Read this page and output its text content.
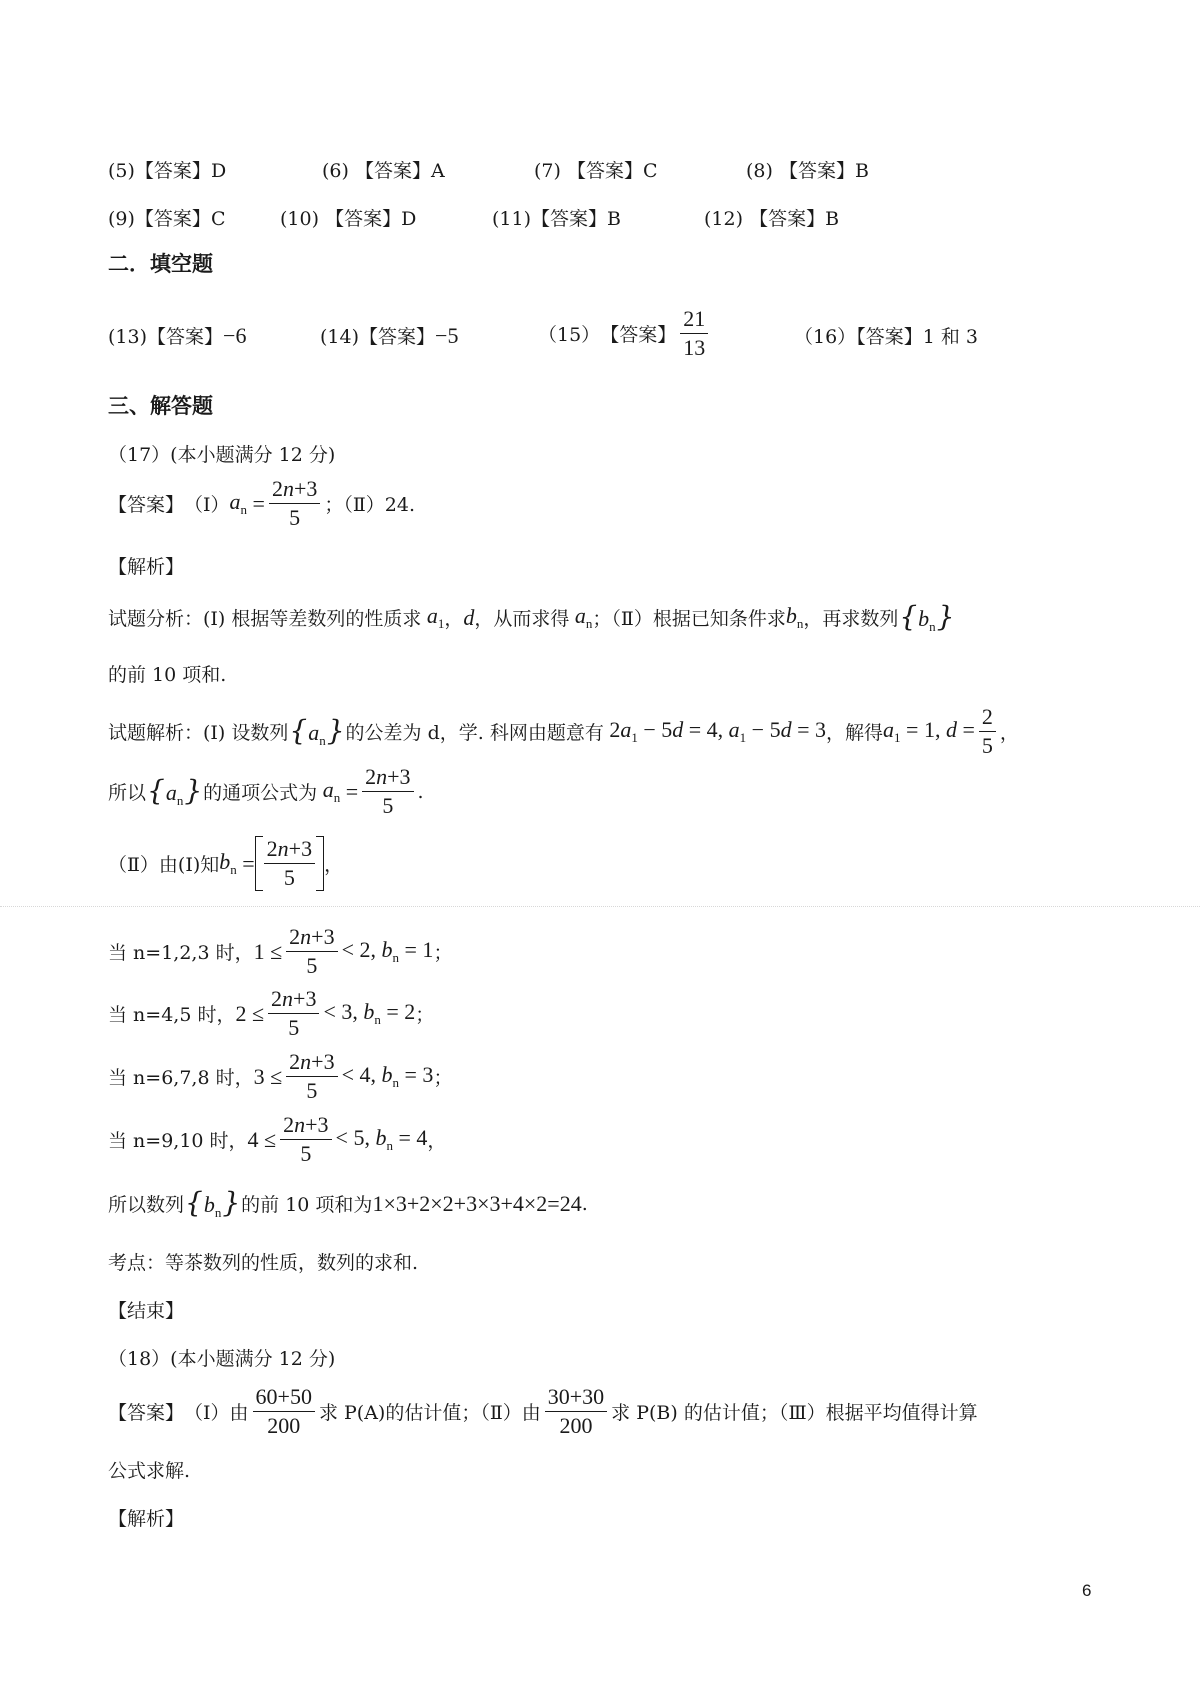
(5)【答案】D	(6) 【答案】A	(7) 【答案】C	(8) 【答案】B
(9)【答案】C	(10) 【答案】D	(11)【答案】B	(12) 【答案】B
二．填空题
(13)【答案】−6	(14)【答案】−5	（15） 【答案】 $\frac{21}{13}$	（16）【答案】1 和 3
三、解答题
（17）(本小题满分 12 分)
【答案】 （Ⅰ） $a_n = \frac{2n+3}{5}$ ；（Ⅱ）24.
【解析】
试题分析：(Ⅰ) 根据等差数列的性质求 $a_1$ ， d ，从而求得 $a_n$ ；（Ⅱ）根据已知条件求 $b_n$ ，再求数列 $\{b_n\}$
的前 10 项和.
试题解析：(Ⅰ) 设数列 $\{a_n\}$ 的公差为 d，学. 科网由题意有 $2a_1 - 5d = 4$, $a_1 - 5d = 3$ ，解得 $a_1 = 1$, $d = \frac{2}{5}$ ，
所以 $\{a_n\}$ 的通项公式为 $a_n = \frac{2n+3}{5}$ .
（Ⅱ）由(Ⅰ)知 $b_n = \frac{2n+3}{5}$ ，
当 n=1,2,3 时， $1 \le \frac{2n+3}{5} < 2$, $b_n = 1$ ；
当 n=4,5 时， $2 \le \frac{2n+3}{5} < 3$, $b_n = 2$ ；
当 n=6,7,8 时， $3 \le \frac{2n+3}{5} < 4$, $b_n = 3$ ；
当 n=9,10 时， $4 \le \frac{2n+3}{5} < 5$, $b_n = 4$ ，
所以数列 $\{b_n\}$ 的前 10 项和为 1×3+2×2+3×3+4×2=24 .
考点：等茶数列的性质，数列的求和.
【结束】
（18）(本小题满分 12 分)
【答案】 （Ⅰ）由 $\frac{60+50}{200}$ 求 P(A)的估计值；（Ⅱ）由 $\frac{30+30}{200}$ 求 P(B) 的估计值；（Ⅲ）根据平均值得计算
公式求解.
【解析】
6
